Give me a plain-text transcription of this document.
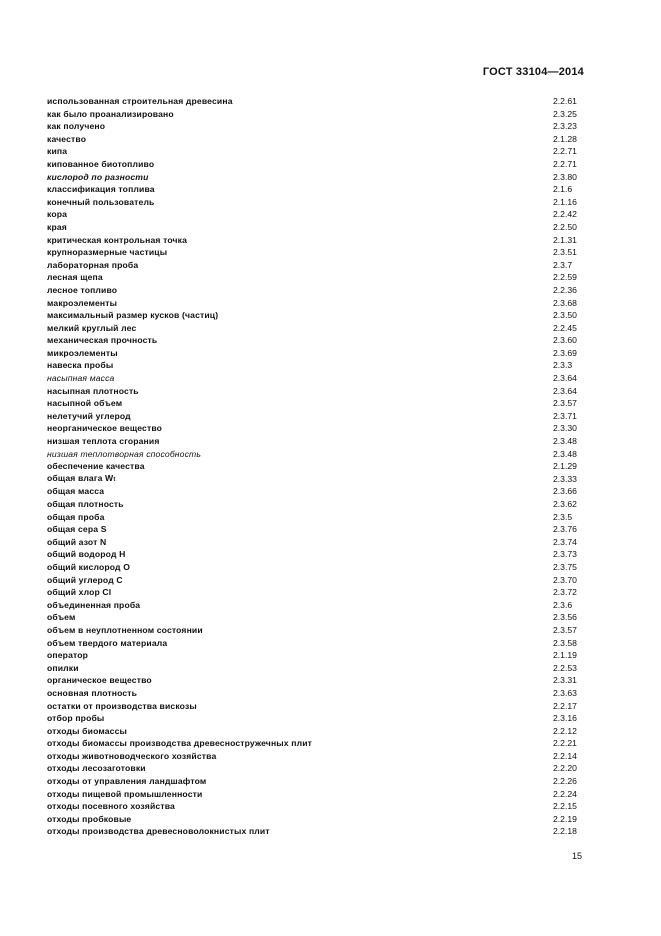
ГОСТ 33104—2014
использованная строительная древесина	2.2.61
как было проанализировано	2.3.25
как получено	2.3.23
качество	2.1.28
кипа	2.2.71
кипованное биотопливо	2.2.71
кислород по разности	2.3.80
классификация топлива	2.1.6
конечный пользователь	2.1.16
кора	2.2.42
края	2.2.50
критическая контрольная точка	2.1.31
крупноразмерные частицы	2.3.51
лабораторная проба	2.3.7
лесная щепа	2.2.59
лесное топливо	2.2.36
макроэлементы	2.3.68
максимальный размер кусков (частиц)	2.3.50
мелкий круглый лес	2.2.45
механическая прочность	2.3.60
микроэлементы	2.3.69
навеска пробы	2.3.3
насыпная масса	2.3.64
насыпная плотность	2.3.64
насыпной объем	2.3.57
нелетучий углерод	2.3.71
неорганическое вещество	2.3.30
низшая теплота сгорания	2.3.48
низшая теплотворная способность	2.3.48
обеспечение качества	2.1.29
общая влага $W_t$	2.3.33
общая масса	2.3.66
общая плотность	2.3.62
общая проба	2.3.5
общая сера S	2.3.76
общий азот N	2.3.74
общий водород H	2.3.73
общий кислород O	2.3.75
общий углерод C	2.3.70
общий хлор Cl	2.3.72
объединенная проба	2.3.6
объем	2.3.56
объем в неуплотненном состоянии	2.3.57
объем твердого материала	2.3.58
оператор	2.1.19
опилки	2.2.53
органическое вещество	2.3.31
основная плотность	2.3.63
остатки от производства вискозы	2.2.17
отбор пробы	2.3.16
отходы биомассы	2.2.12
отходы биомассы производства древесностружечных плит	2.2.21
отходы животноводческого хозяйства	2.2.14
отходы лесозаготовки	2.2.20
отходы от управления ландшафтом	2.2.26
отходы пищевой промышленности	2.2.24
отходы посевного хозяйства	2.2.15
отходы пробковые	2.2.19
отходы производства древесноволокнистых плит	2.2.18
15
